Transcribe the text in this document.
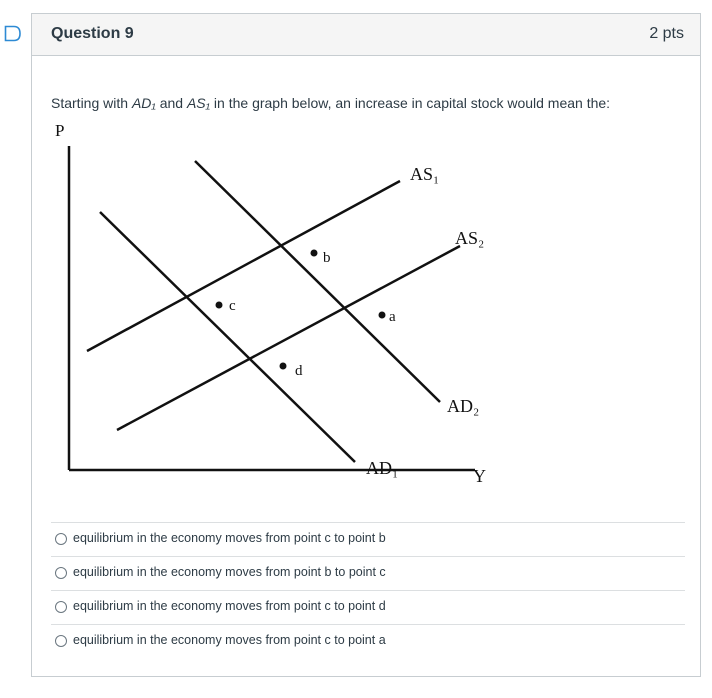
Question 9	2 pts
Starting with AD₁ and AS₁ in the graph below, an increase in capital stock would mean the:
P
Y
AS₁
AS₂
AD₁
AD₂
c
b
a
d
equilibrium in the economy moves from point c to point b
equilibrium in the economy moves from point b to point c
equilibrium in the economy moves from point c to point d
equilibrium in the economy moves from point c to point a
